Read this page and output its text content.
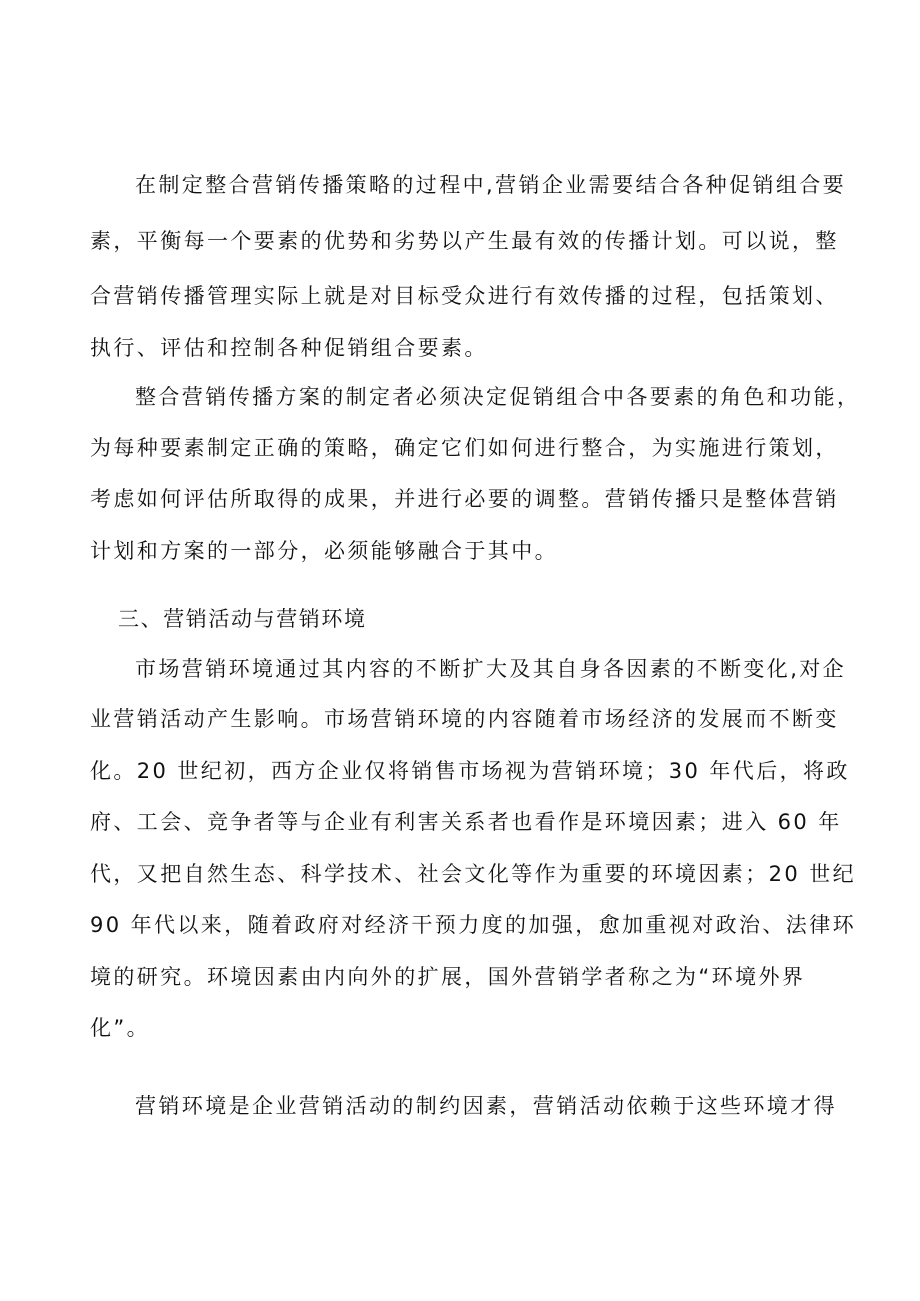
在制定整合营销传播策略的过程中,营销企业需要结合各种促销组合要

素，平衡每一个要素的优势和劣势以产生最有效的传播计划。可以说，整

合营销传播管理实际上就是对目标受众进行有效传播的过程，包括策划、

执行、评估和控制各种促销组合要素。

整合营销传播方案的制定者必须决定促销组合中各要素的角色和功能，

为每种要素制定正确的策略，确定它们如何进行整合，为实施进行策划，

考虑如何评估所取得的成果，并进行必要的调整。营销传播只是整体营销

计划和方案的一部分，必须能够融合于其中。

三、营销活动与营销环境

市场营销环境通过其内容的不断扩大及其自身各因素的不断变化,对企

业营销活动产生影响。市场营销环境的内容随着市场经济的发展而不断变

化。20 世纪初，西方企业仅将销售市场视为营销环境；30 年代后，将政

府、工会、竞争者等与企业有利害关系者也看作是环境因素；进入 60 年

代，又把自然生态、科学技术、社会文化等作为重要的环境因素；20 世纪

90 年代以来，随着政府对经济干预力度的加强，愈加重视对政治、法律环

境的研究。环境因素由内向外的扩展，国外营销学者称之为“环境外界

化”。

营销环境是企业营销活动的制约因素，营销活动依赖于这些环境才得
